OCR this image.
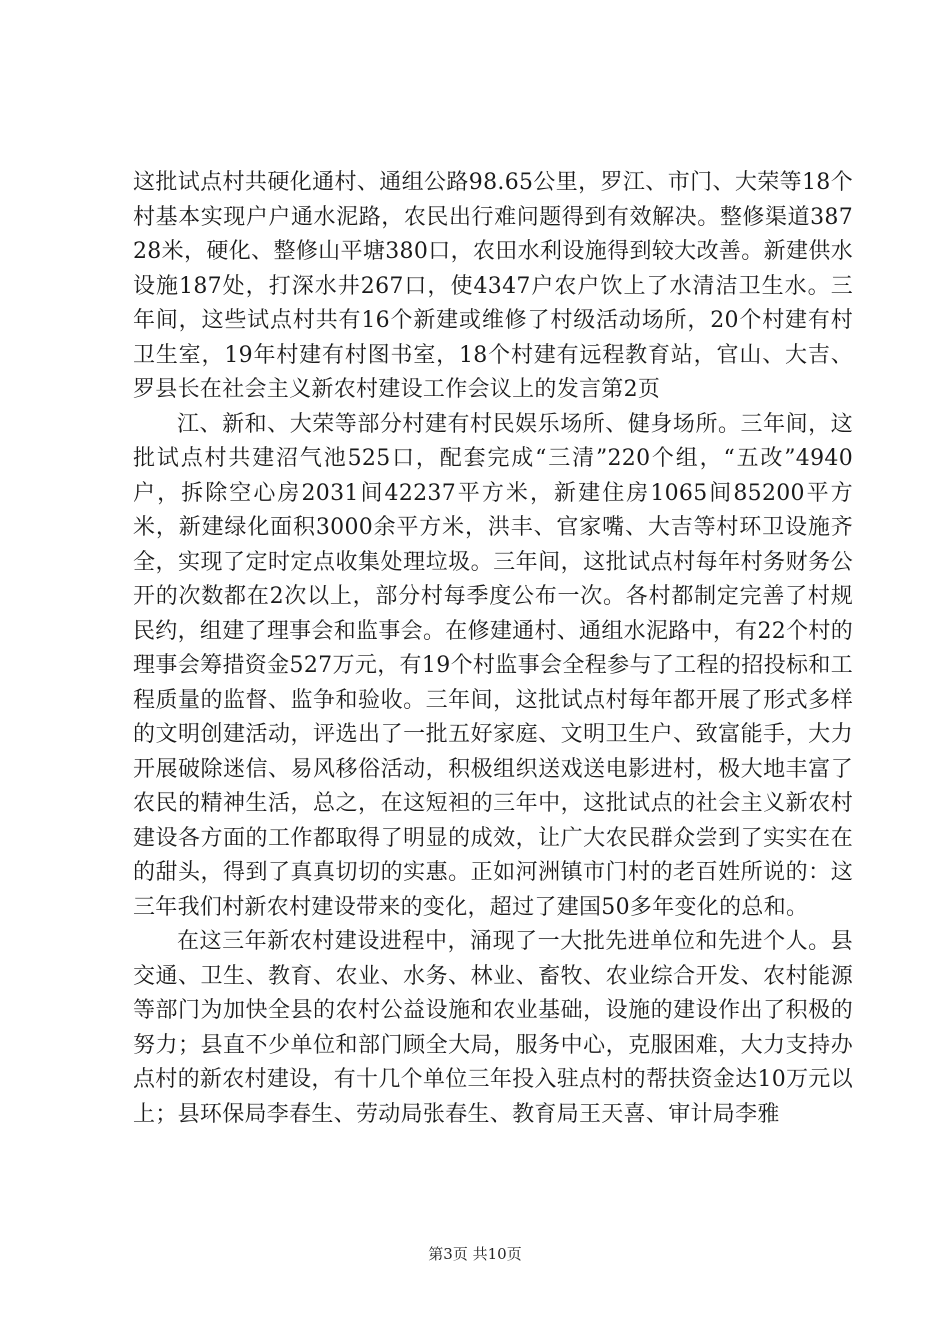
这批试点村共硬化通村、通组公路98.65公里，罗江、市门、大荣等18个村基本实现户户通水泥路，农民出行难问题得到有效解决。整修渠道38728米，硬化、整修山平塘380口，农田水利设施得到较大改善。新建供水设施187处，打深水井267口，使4347户农户饮上了水清洁卫生水。三年间，这些试点村共有16个新建或维修了村级活动场所，20个村建有村卫生室，19年村建有村图书室，18个村建有远程教育站，官山、大吉、罗县长在社会主义新农村建设工作会议上的发言第2页

江、新和、大荣等部分村建有村民娱乐场所、健身场所。三年间，这批试点村共建沼气池525口，配套完成“三清”220个组，“五改”4940户，拆除空心房2031间42237平方米，新建住房1065间85200平方米，新建绿化面积3000余平方米，洪丰、官家嘴、大吉等村环卫设施齐全，实现了定时定点收集处理垃圾。三年间，这批试点村每年村务财务公开的次数都在2次以上，部分村每季度公布一次。各村都制定完善了村规民约，组建了理事会和监事会。在修建通村、通组水泥路中，有22个村的理事会筹措资金527万元，有19个村监事会全程参与了工程的招投标和工程质量的监督、监争和验收。三年间，这批试点村每年都开展了形式多样的文明创建活动，评选出了一批五好家庭、文明卫生户、致富能手，大力开展破除迷信、易风移俗活动，积极组织送戏送电影进村，极大地丰富了农民的精神生活，总之，在这短袒的三年中，这批试点的社会主义新农村建设各方面的工作都取得了明显的成效，让广大农民群众尝到了实实在在的甜头，得到了真真切切的实惠。正如河洲镇市门村的老百姓所说的：这三年我们村新农村建设带来的变化，超过了建国50多年变化的总和。

在这三年新农村建设进程中，涌现了一大批先进单位和先进个人。县交通、卫生、教育、农业、水务、林业、畜牧、农业综合开发、农村能源等部门为加快全县的农村公益设施和农业基础，设施的建设作出了积极的努力；县直不少单位和部门顾全大局，服务中心，克服困难，大力支持办点村的新农村建设，有十几个单位三年投入驻点村的帮扶资金达10万元以上；县环保局李春生、劳动局张春生、教育局王天喜、审计局李雅

第3页 共10页
